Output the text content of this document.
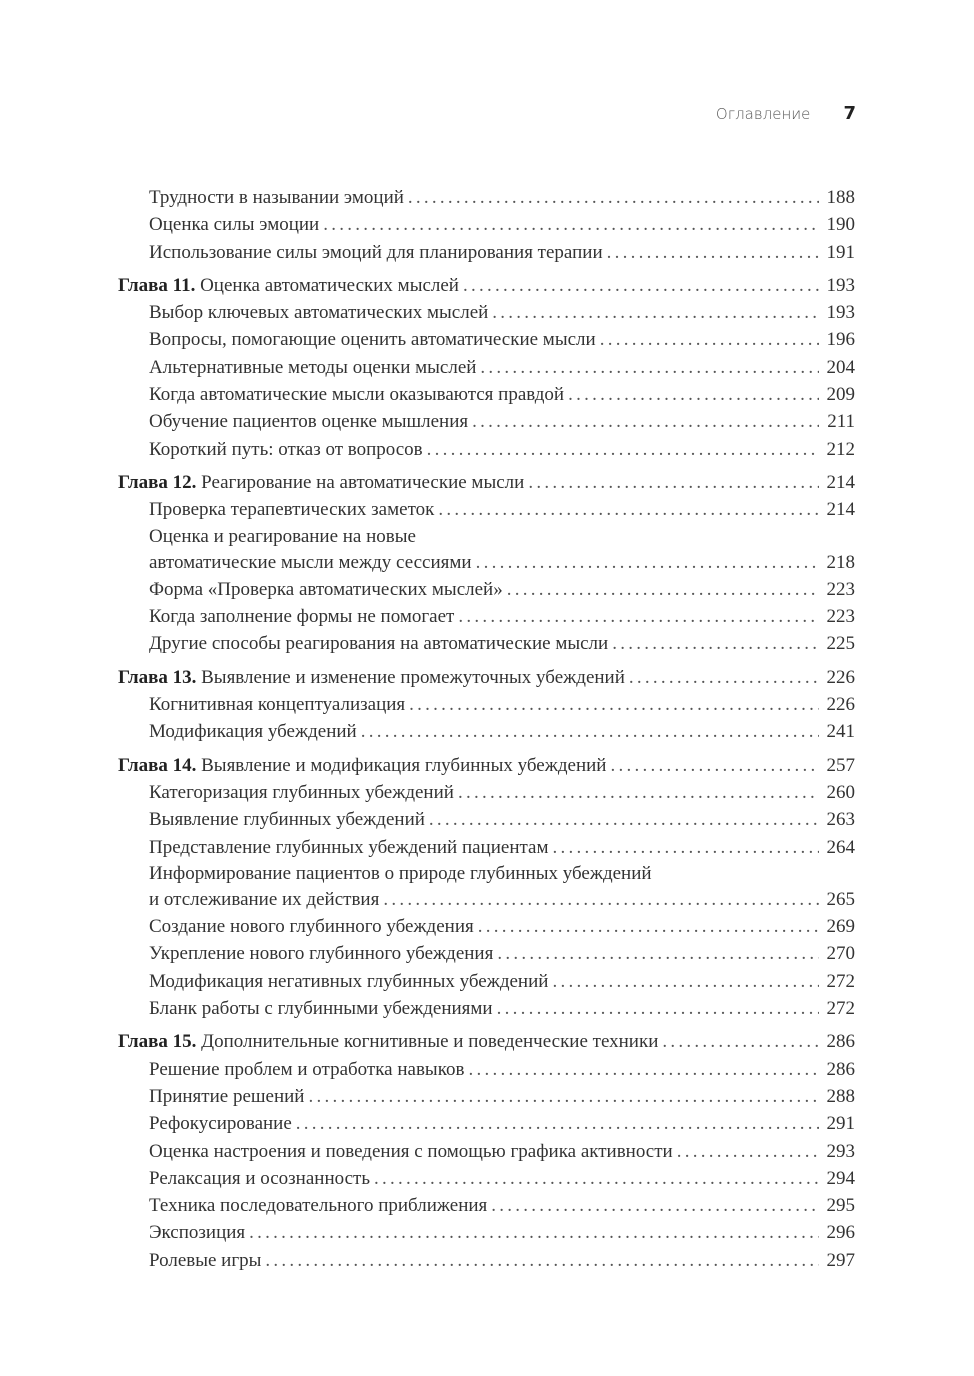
Оглавление 7
Трудности в назывании эмоций . . .	188
Оценка силы эмоции . . .	190
Использование силы эмоций для планирования терапии . . .	191
Глава 11. Оценка автоматических мыслей . . .	193
Выбор ключевых автоматических мыслей . . .	193
Вопросы, помогающие оценить автоматические мысли . . .	196
Альтернативные методы оценки мыслей . . .	204
Когда автоматические мысли оказываются правдой . . .	209
Обучение пациентов оценке мышления . . .	211
Короткий путь: отказ от вопросов . . .	212
Глава 12. Реагирование на автоматические мысли . . .	214
Проверка терапевтических заметок . . .	214
Оценка и реагирование на новые
автоматические мысли между сессиями . . .	218
Форма «Проверка автоматических мыслей» . . .	223
Когда заполнение формы не помогает . . .	223
Другие способы реагирования на автоматические мысли . . .	225
Глава 13. Выявление и изменение промежуточных убеждений . . .	226
Когнитивная концептуализация . . .	226
Модификация убеждений . . .	241
Глава 14. Выявление и модификация глубинных убеждений . . .	257
Категоризация глубинных убеждений . . .	260
Выявление глубинных убеждений . . .	263
Представление глубинных убеждений пациентам . . .	264
Информирование пациентов о природе глубинных убеждений
и отслеживание их действия . . .	265
Создание нового глубинного убеждения . . .	269
Укрепление нового глубинного убеждения . . .	270
Модификация негативных глубинных убеждений . . .	272
Бланк работы с глубинными убеждениями . . .	272
Глава 15. Дополнительные когнитивные и поведенческие техники . . .	286
Решение проблем и отработка навыков . . .	286
Принятие решений . . .	288
Рефокусирование . . .	291
Оценка настроения и поведения с помощью графика активности . . .	293
Релаксация и осознанность . . .	294
Техника последовательного приближения . . .	295
Экспозиция . . .	296
Ролевые игры . . .	297
